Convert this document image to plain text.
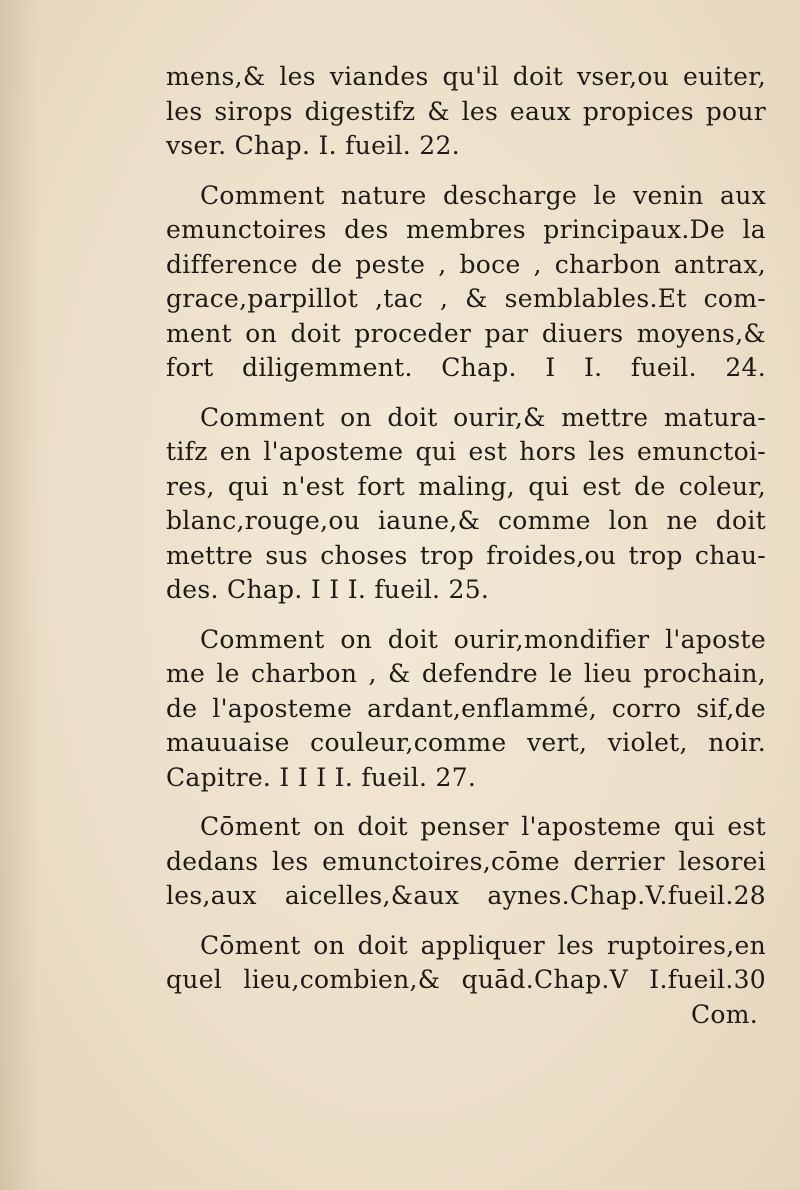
mens,& les viandes qu'il doit vser,ou euiter,
les sirops digestifz & les eaux propices pour
vser. Chap. I. fueil. 22.
Comment nature descharge le venin aux
emunctoires des membres principaux.De la
difference de peste , boce , charbon antrax,
grace,parpillot ,tac , & semblables.Et com-
ment on doit proceder par diuers moyens,&
fort diligemment. Chap. I I. fueil. 24.
Comment on doit ourir,& mettre matura-
tifz en l'aposteme qui est hors les emunctoi-
res, qui n'est fort maling, qui est de coleur,
blanc,rouge,ou iaune,& comme lon ne doit
mettre sus choses trop froides,ou trop chau-
des. Chap. I I I. fueil. 25.
Comment on doit ourir,mondifier l'aposte
me le charbon , & defendre le lieu prochain,
de l'aposteme ardant,enflammé, corro sif,de
mauuaise couleur,comme vert, violet, noir.
Capitre. I I I I. fueil. 27.
Cōment on doit penser l'aposteme qui est
dedans les emunctoires,cōme derrier lesorei
les,aux aicelles,&aux aynes.Chap.V.fueil.28
Cōment on doit appliquer les ruptoires,en
quel lieu,combien,& quād.Chap.V I.fueil.30
Com.
